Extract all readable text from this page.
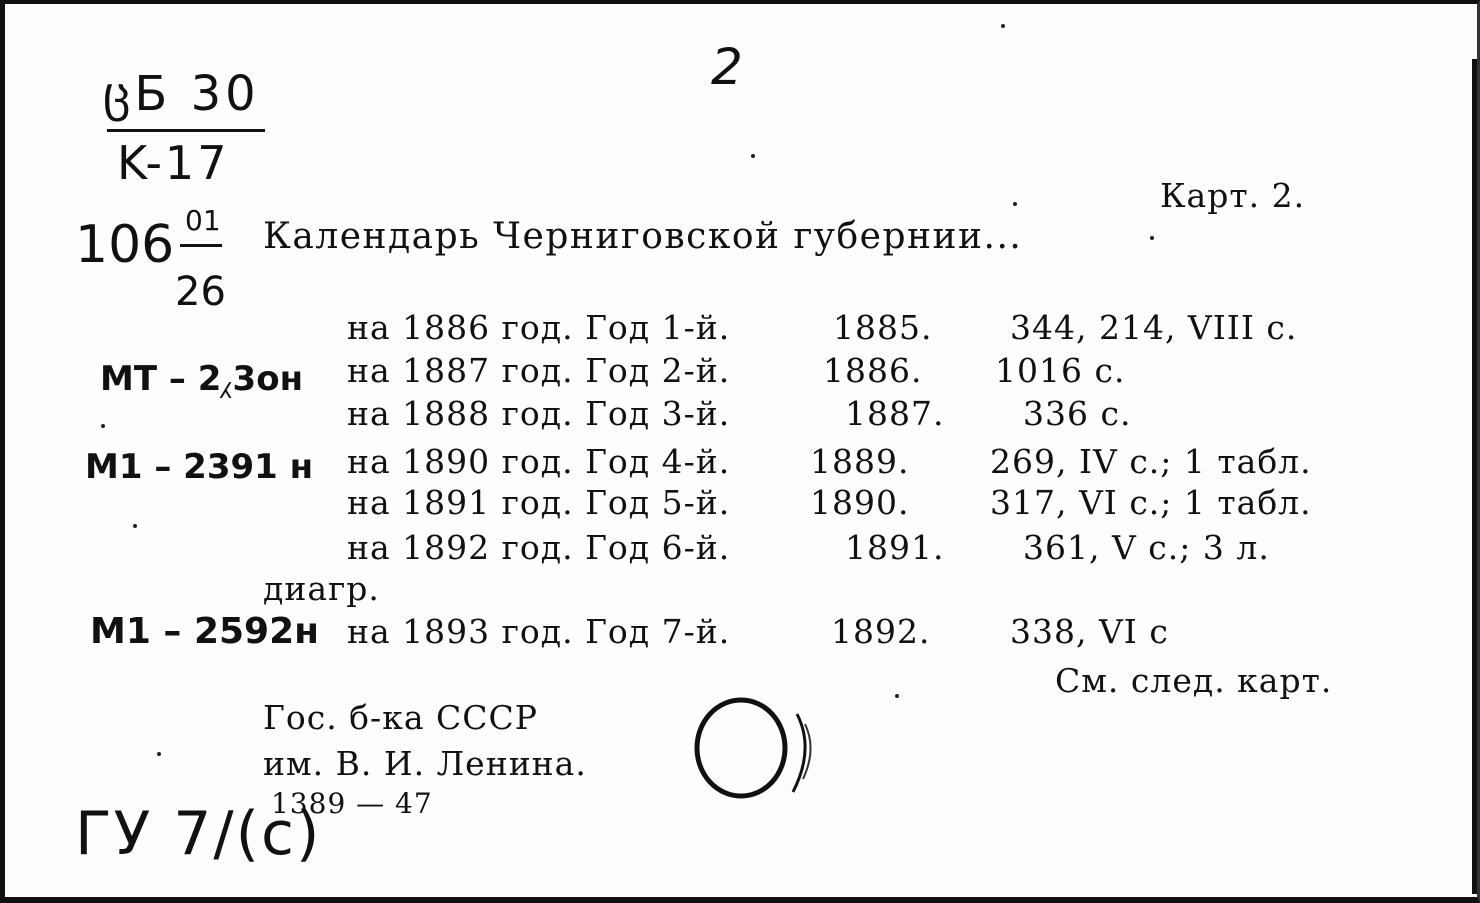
ცБ 30
K-17
2
106 01
26
Карт. 2.
Календарь Черниговской губернии...
на 1886 год. Год 1-й.	1885. 344, 214, VIII с.
на 1887 год. Год 2-й.	1886. 1016 с.
на 1888 год. Год 3-й.	1887. 336 с.
на 1890 год. Год 4-й. 1889. 269, IV с.; 1 табл.
на 1891 год. Год 5-й. 1890. 317, VI с.; 1 табл.
на 1892 год. Год 6-й.	1891. 361, V с.; 3 л.
диагр.
на 1893 год. Год 7-й.	1892. 338, VI с
См. след. карт.
MT – 2⁁3он
M1 – 2391 н
M1 – 2592н
Гос. б-ка СССР
им. В. И. Ленина.
1389 — 47
ГУ 7/(c)
